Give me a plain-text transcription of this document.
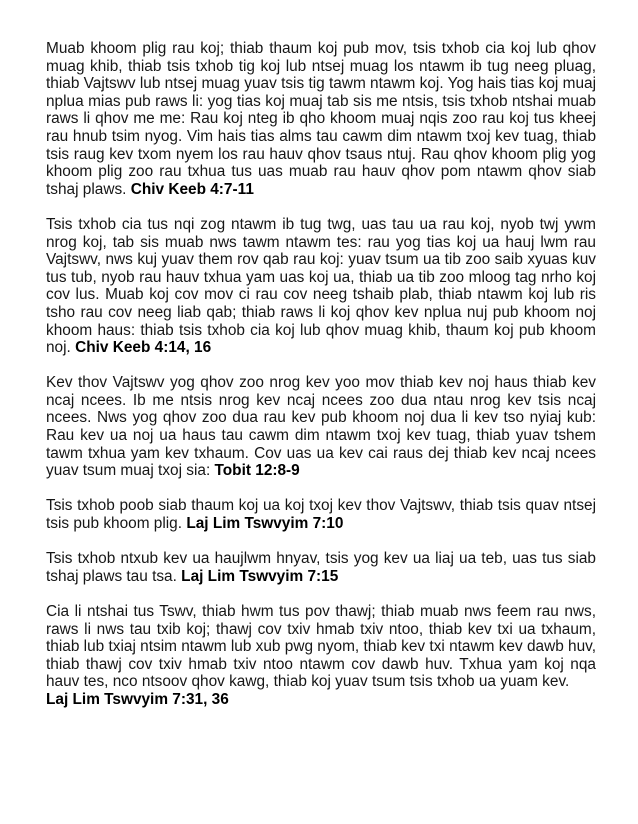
Muab khoom plig rau koj; thiab thaum koj pub mov, tsis txhob cia koj lub qhov muag khib, thiab tsis txhob tig koj lub ntsej muag los ntawm ib tug neeg pluag, thiab Vajtswv lub ntsej muag yuav tsis tig tawm ntawm koj. Yog hais tias koj muaj nplua mias pub raws li: yog tias koj muaj tab sis me ntsis, tsis txhob ntshai muab raws li qhov me me: Rau koj nteg ib qho khoom muaj nqis zoo rau koj tus kheej rau hnub tsim nyog. Vim hais tias alms tau cawm dim ntawm txoj kev tuag, thiab tsis raug kev txom nyem los rau hauv qhov tsaus ntuj. Rau qhov khoom plig yog khoom plig zoo rau txhua tus uas muab rau hauv qhov pom ntawm qhov siab tshaj plaws. Chiv Keeb 4:7-11

Tsis txhob cia tus nqi zog ntawm ib tug twg, uas tau ua rau koj, nyob twj ywm nrog koj, tab sis muab nws tawm ntawm tes: rau yog tias koj ua hauj lwm rau Vajtswv, nws kuj yuav them rov qab rau koj: yuav tsum ua tib zoo saib xyuas kuv tus tub, nyob rau hauv txhua yam uas koj ua, thiab ua tib zoo mloog tag nrho koj cov lus. Muab koj cov mov ci rau cov neeg tshaib plab, thiab ntawm koj lub ris tsho rau cov neeg liab qab; thiab raws li koj qhov kev nplua nuj pub khoom noj khoom haus: thiab tsis txhob cia koj lub qhov muag khib, thaum koj pub khoom noj. Chiv Keeb 4:14, 16

Kev thov Vajtswv yog qhov zoo nrog kev yoo mov thiab kev noj haus thiab kev ncaj ncees. Ib me ntsis nrog kev ncaj ncees zoo dua ntau nrog kev tsis ncaj ncees. Nws yog qhov zoo dua rau kev pub khoom noj dua li kev tso nyiaj kub: Rau kev ua noj ua haus tau cawm dim ntawm txoj kev tuag, thiab yuav tshem tawm txhua yam kev txhaum. Cov uas ua kev cai raus dej thiab kev ncaj ncees yuav tsum muaj txoj sia: Tobit 12:8-9

Tsis txhob poob siab thaum koj ua koj txoj kev thov Vajtswv, thiab tsis quav ntsej tsis pub khoom plig. Laj Lim Tswvyim 7:10

Tsis txhob ntxub kev ua haujlwm hnyav, tsis yog kev ua liaj ua teb, uas tus siab tshaj plaws tau tsa. Laj Lim Tswvyim 7:15

Cia li ntshai tus Tswv, thiab hwm tus pov thawj; thiab muab nws feem rau nws, raws li nws tau txib koj; thawj cov txiv hmab txiv ntoo, thiab kev txi ua txhaum, thiab lub txiaj ntsim ntawm lub xub pwg nyom, thiab kev txi ntawm kev dawb huv, thiab thawj cov txiv hmab txiv ntoo ntawm cov dawb huv. Txhua yam koj nqa hauv tes, nco ntsoov qhov kawg, thiab koj yuav tsum tsis txhob ua yuam kev.
Laj Lim Tswvyim 7:31, 36
